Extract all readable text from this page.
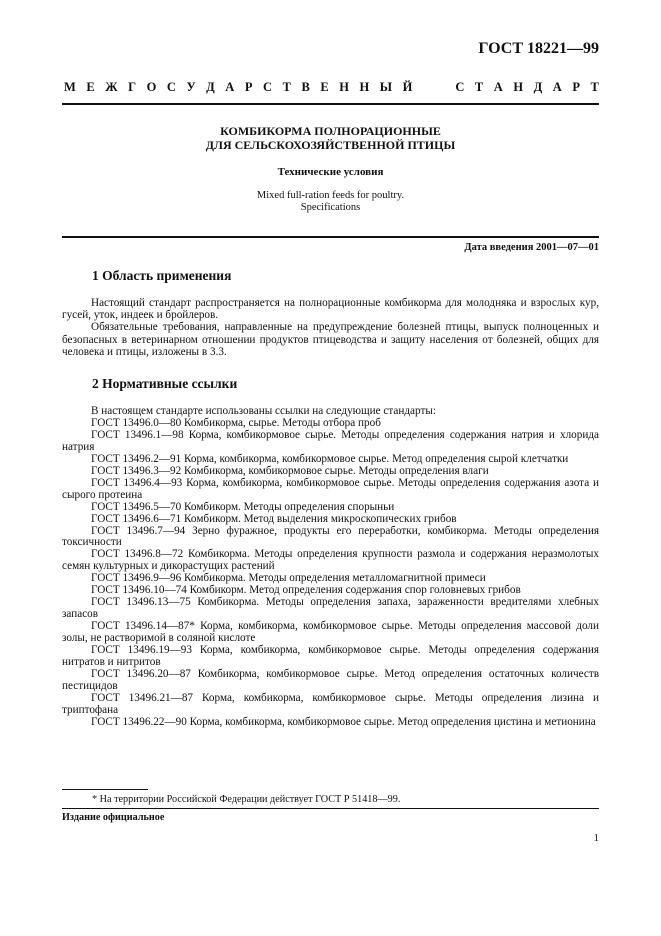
ГОСТ 18221—99
М Е Ж Г О С У Д А Р С Т В Е Н Н Ы Й	С Т А Н Д А Р Т
КОМБИКОРМА ПОЛНОРАЦИОННЫЕ
ДЛЯ СЕЛЬСКОХОЗЯЙСТВЕННОЙ ПТИЦЫ
Технические условия
Mixed full-ration feeds for poultry.
Specifications
Дата введения 2001—07—01
1 Область применения

Настоящий стандарт распространяется на полнорационные комбикорма для молодняка и взрослых кур, гусей, уток, индеек и бройлеров.

Обязательные требования, направленные на предупреждение болезней птицы, выпуск полноценных и безопасных в ветеринарном отношении продуктов птицеводства и защиту населения от болезней, общих для человека и птицы, изложены в 3.3.

2 Нормативные ссылки

В настоящем стандарте использованы ссылки на следующие стандарты:

ГОСТ 13496.0—80 Комбикорма, сырье. Методы отбора проб

ГОСТ 13496.1—98 Корма, комбикормовое сырье. Методы определения содержания натрия и хлорида натрия

ГОСТ 13496.2—91 Корма, комбикорма, комбикормовое сырье. Метод определения сырой клетчатки

ГОСТ 13496.3—92 Комбикорма, комбикормовое сырье. Методы определения влаги

ГОСТ 13496.4—93 Корма, комбикорма, комбикормовое сырье. Методы определения содержания азота и сырого протеина

ГОСТ 13496.5—70 Комбикорм. Методы определения спорыньи

ГОСТ 13496.6—71 Комбикорм. Метод выделения микроскопических грибов

ГОСТ 13496.7—94 Зерно фуражное, продукты его переработки, комбикорма. Методы определения токсичности

ГОСТ 13496.8—72 Комбикорма. Методы определения крупности размола и содержания неразмолотых семян культурных и дикорастущих растений

ГОСТ 13496.9—96 Комбикорма. Методы определения металломагнитной примеси

ГОСТ 13496.10—74 Комбикорм. Метод определения содержания спор головневых грибов

ГОСТ 13496.13—75 Комбикорма. Методы определения запаха, зараженности вредителями хлебных запасов

ГОСТ 13496.14—87* Корма, комбикорма, комбикормовое сырье. Методы определения массовой доли золы, не растворимой в соляной кислоте

ГОСТ 13496.19—93 Корма, комбикорма, комбикормовое сырье. Методы определения содержания нитратов и нитритов

ГОСТ 13496.20—87 Комбикорма, комбикормовое сырье. Метод определения остаточных количеств пестицидов

ГОСТ 13496.21—87 Корма, комбикорма, комбикормовое сырье. Методы определения лизина и триптофана

ГОСТ 13496.22—90 Корма, комбикорма, комбикормовое сырье. Метод определения цистина и метионина

* На территории Российской Федерации действует ГОСТ Р 51418—99.
Издание официальное
1
